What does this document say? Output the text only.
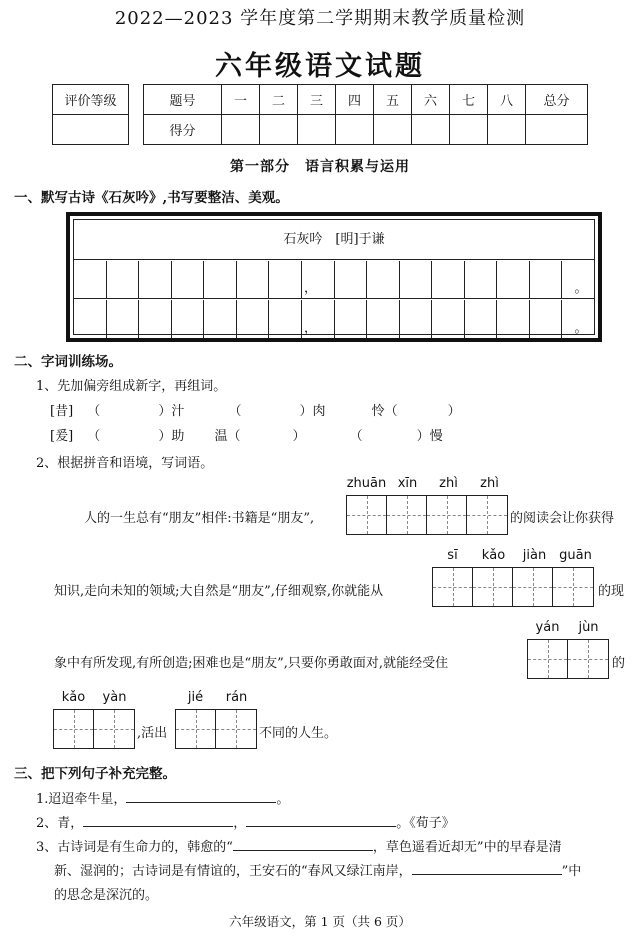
2022—2023 学年度第二学期期末教学质量检测
六年级语文试题
评价等级	题号	一	二	三	四	五	六	七	八	总分
得分									
第一部分　语言积累与运用
一、默写古诗《石灰吟》,书写要整洁、美观。
石灰吟　[明]于谦
，	。
，	。
二、字词训练场。
1、先加偏旁组成新字，再组词。
[昔] （	）汁	（	）肉	怜（	）
[爰] （	）助 温（	）	（	）慢
2、根据拼音和语境，写词语。
zhuān xīn	zhì	zhì
人的一生总有“朋友”相伴:书籍是“朋友”,	的阅读会让你获得
sī	kǎo	jiàn guān
知识,走向未知的领域;大自然是“朋友”,仔细观察,你就能从	的现
yán	jùn
象中有所发现,有所创造;困难也是“朋友”,只要你勇敢面对,就能经受住	的
kǎo	yàn
,活出
jié	rán
不同的人生。
三、把下列句子补充完整。
1.迢迢牵牛星，	。
2、青，	，	。《荀子》
3、古诗词是有生命力的，韩愈的“	，草色遥看近却无”中的早春是清
新、湿润的；古诗词是有情谊的，王安石的“春风又绿江南岸，	”中
的思念是深沉的。
六年级语文，第 1 页（共 6 页）
